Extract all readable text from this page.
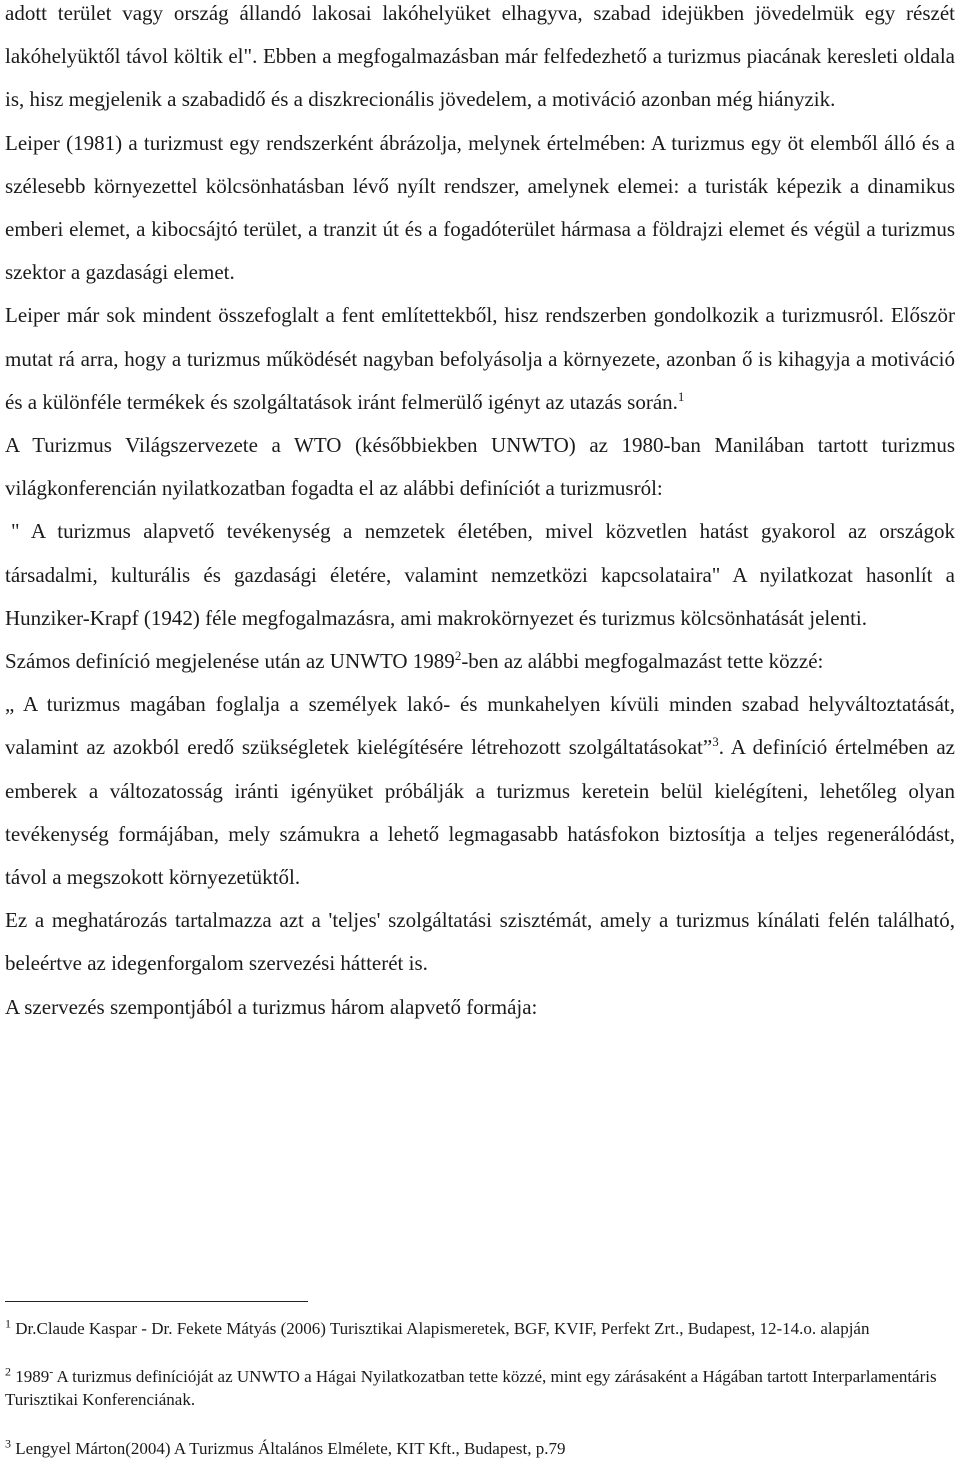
adott terület vagy ország állandó lakosai lakóhelyüket elhagyva, szabad idejükben jövedelmük egy részét lakóhelyüktől távol költik el". Ebben a megfogalmazásban már felfedezhető a turizmus piacának keresleti oldala is, hisz megjelenik a szabadidő és a diszkrecionális jövedelem, a motiváció azonban még hiányzik.

Leiper (1981) a turizmust egy rendszerként ábrázolja, melynek értelmében: A turizmus egy öt elemből álló és a szélesebb környezettel kölcsönhatásban lévő nyílt rendszer, amelynek elemei: a turisták képezik a dinamikus emberi elemet, a kibocsájtó terület, a tranzit út és a fogadóterület hármasa a földrajzi elemet és végül a turizmus szektor a gazdasági elemet.

Leiper már sok mindent összefoglalt a fent említettekből, hisz rendszerben gondolkozik a turizmusról. Először mutat rá arra, hogy a turizmus működését nagyban befolyásolja a környezete, azonban ő is kihagyja a motiváció és a különféle termékek és szolgáltatások iránt felmerülő igényt az utazás során.$^1$

A Turizmus Világszervezete a WTO (későbbiekben UNWTO) az 1980-ban Manilában tartott turizmus világkonferencián nyilatkozatban fogadta el az alábbi definíciót a turizmusról:

" A turizmus alapvető tevékenység a nemzetek életében, mivel közvetlen hatást gyakorol az országok társadalmi, kulturális és gazdasági életére, valamint nemzetközi kapcsolataira" A nyilatkozat hasonlít a Hunziker-Krapf (1942) féle megfogalmazásra, ami makrokörnyezet és turizmus kölcsönhatását jelenti.

Számos definíció megjelenése után az UNWTO 1989$^2$-ben az alábbi megfogalmazást tette közzé:

„ A turizmus magában foglalja a személyek lakó- és munkahelyen kívüli minden szabad helyváltoztatását, valamint az azokból eredő szükségletek kielégítésére létrehozott szolgáltatásokat”$^3$. A definíció értelmében az emberek a változatosság iránti igényüket próbálják a turizmus keretein belül kielégíteni, lehetőleg olyan tevékenység formájában, mely számukra a lehető legmagasabb hatásfokon biztosítja a teljes regenerálódást, távol a megszokott környezetüktől.

Ez a meghatározás tartalmazza azt a 'teljes' szolgáltatási szisztémát, amely a turizmus kínálati felén található, beleértve az idegenforgalom szervezési hátterét is.

A szervezés szempontjából a turizmus három alapvető formája:

$^1$ Dr.Claude Kaspar - Dr. Fekete Mátyás (2006) Turisztikai Alapismeretek, BGF, KVIF, Perfekt Zrt., Budapest, 12-14.o. alapján

$^2$ 1989- A turizmus definícióját az UNWTO a Hágai Nyilatkozatban tette közzé, mint egy zárásaként a Hágában tartott Interparlamentáris Turisztikai Konferenciának.

$^3$ Lengyel Márton(2004) A Turizmus Általános Elmélete, KIT Kft., Budapest, p.79
